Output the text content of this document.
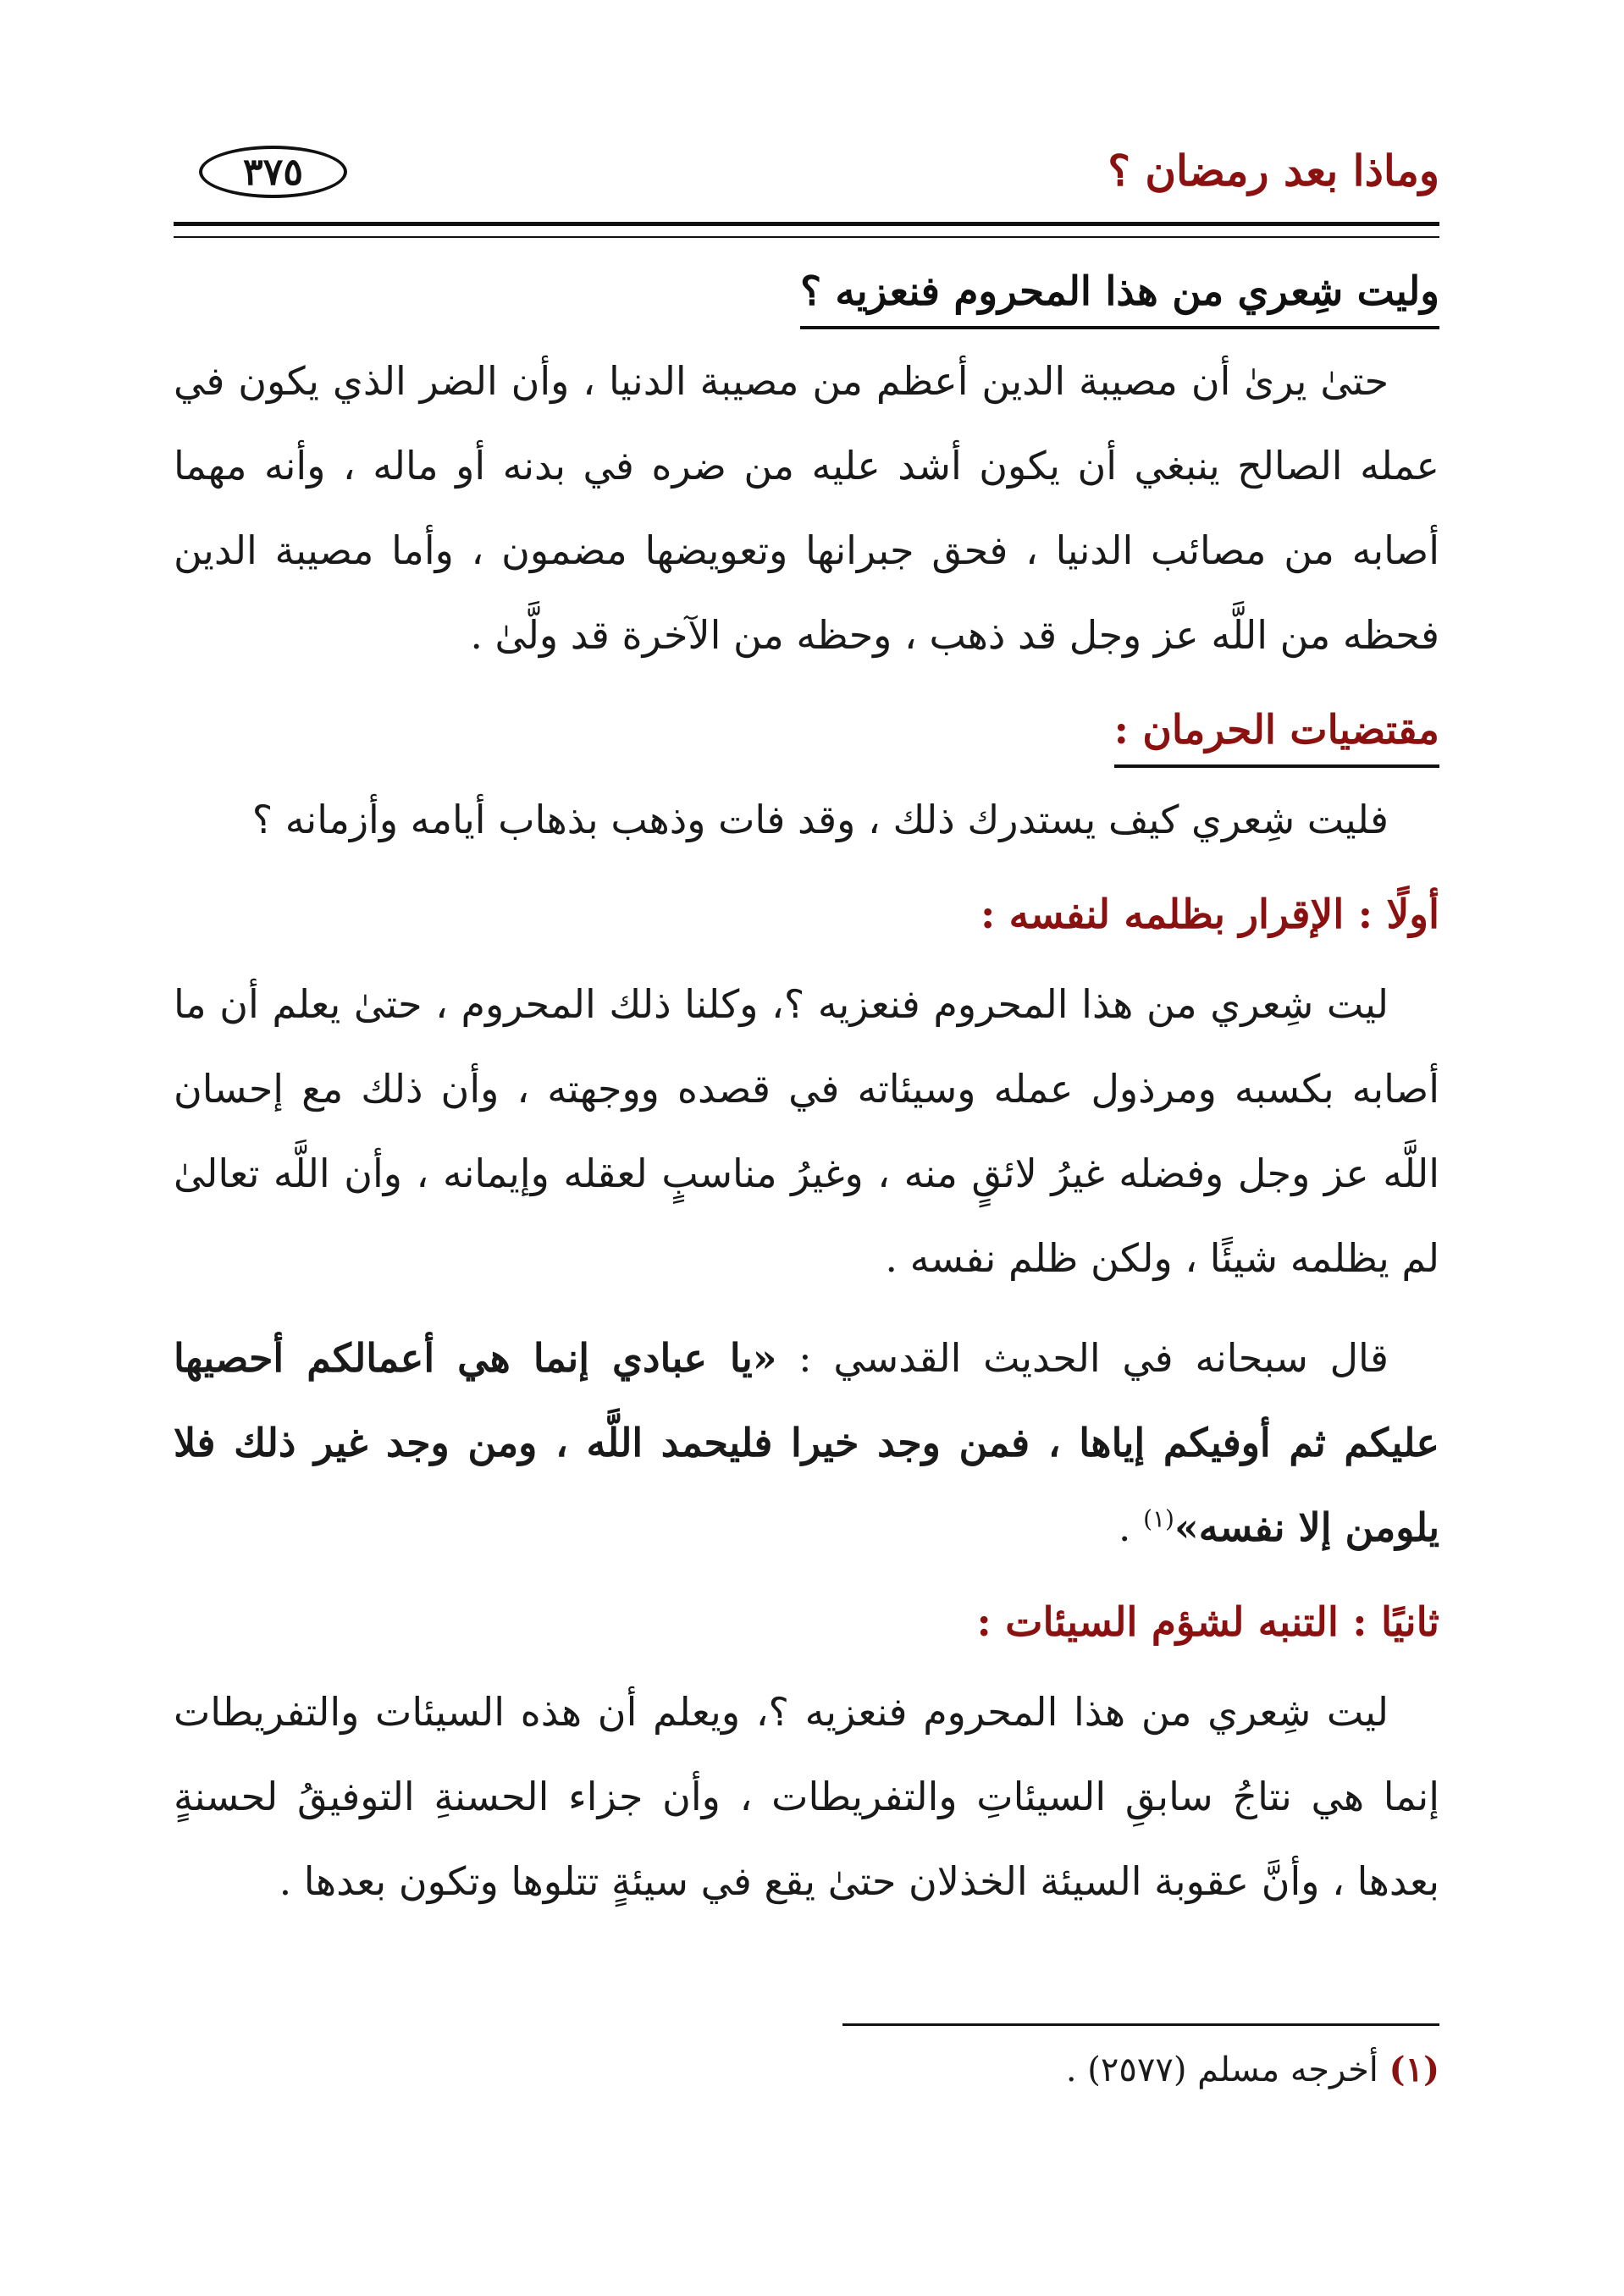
وماذا بعد رمضان ؟
٣٧٥
وليت شِعري من هذا المحروم فنعزيه ؟

حتىٰ يرىٰ أن مصيبة الدين أعظم من مصيبة الدنيا ، وأن الضر الذي يكون في عمله الصالح ينبغي أن يكون أشد عليه من ضره في بدنه أو ماله ، وأنه مهما أصابه من مصائب الدنيا ، فحق جبرانها وتعويضها مضمون ، وأما مصيبة الدين فحظه من اللَّه عز وجل قد ذهب ، وحظه من الآخرة قد ولَّىٰ .

مقتضيات الحرمان :

فليت شِعري كيف يستدرك ذلك ، وقد فات وذهب بذهاب أيامه وأزمانه ؟

أولًا : الإقرار بظلمه لنفسه :

ليت شِعري من هذا المحروم فنعزيه ؟، وكلنا ذلك المحروم ، حتىٰ يعلم أن ما أصابه بكسبه ومرذول عمله وسيئاته في قصده ووجهته ، وأن ذلك مع إحسان اللَّه عز وجل وفضله غيرُ لائقٍ منه ، وغيرُ مناسبٍ لعقله وإيمانه ، وأن اللَّه تعالىٰ لم يظلمه شيئًا ، ولكن ظلم نفسه .

قال سبحانه في الحديث القدسي : «يا عبادي إنما هي أعمالكم أحصيها عليكم ثم أوفيكم إياها ، فمن وجد خيرا فليحمد اللَّه ، ومن وجد غير ذلك فلا يلومن إلا نفسه»$^{(١)}$ .

ثانيًا : التنبه لشؤم السيئات :

ليت شِعري من هذا المحروم فنعزيه ؟، ويعلم أن هذه السيئات والتفريطات إنما هي نتاجُ سابقِ السيئاتِ والتفريطات ، وأن جزاء الحسنةِ التوفيقُ لحسنةٍ بعدها ، وأنَّ عقوبة السيئة الخذلان حتىٰ يقع في سيئةٍ تتلوها وتكون بعدها .

(١) أخرجه مسلم (٢٥٧٧) .
